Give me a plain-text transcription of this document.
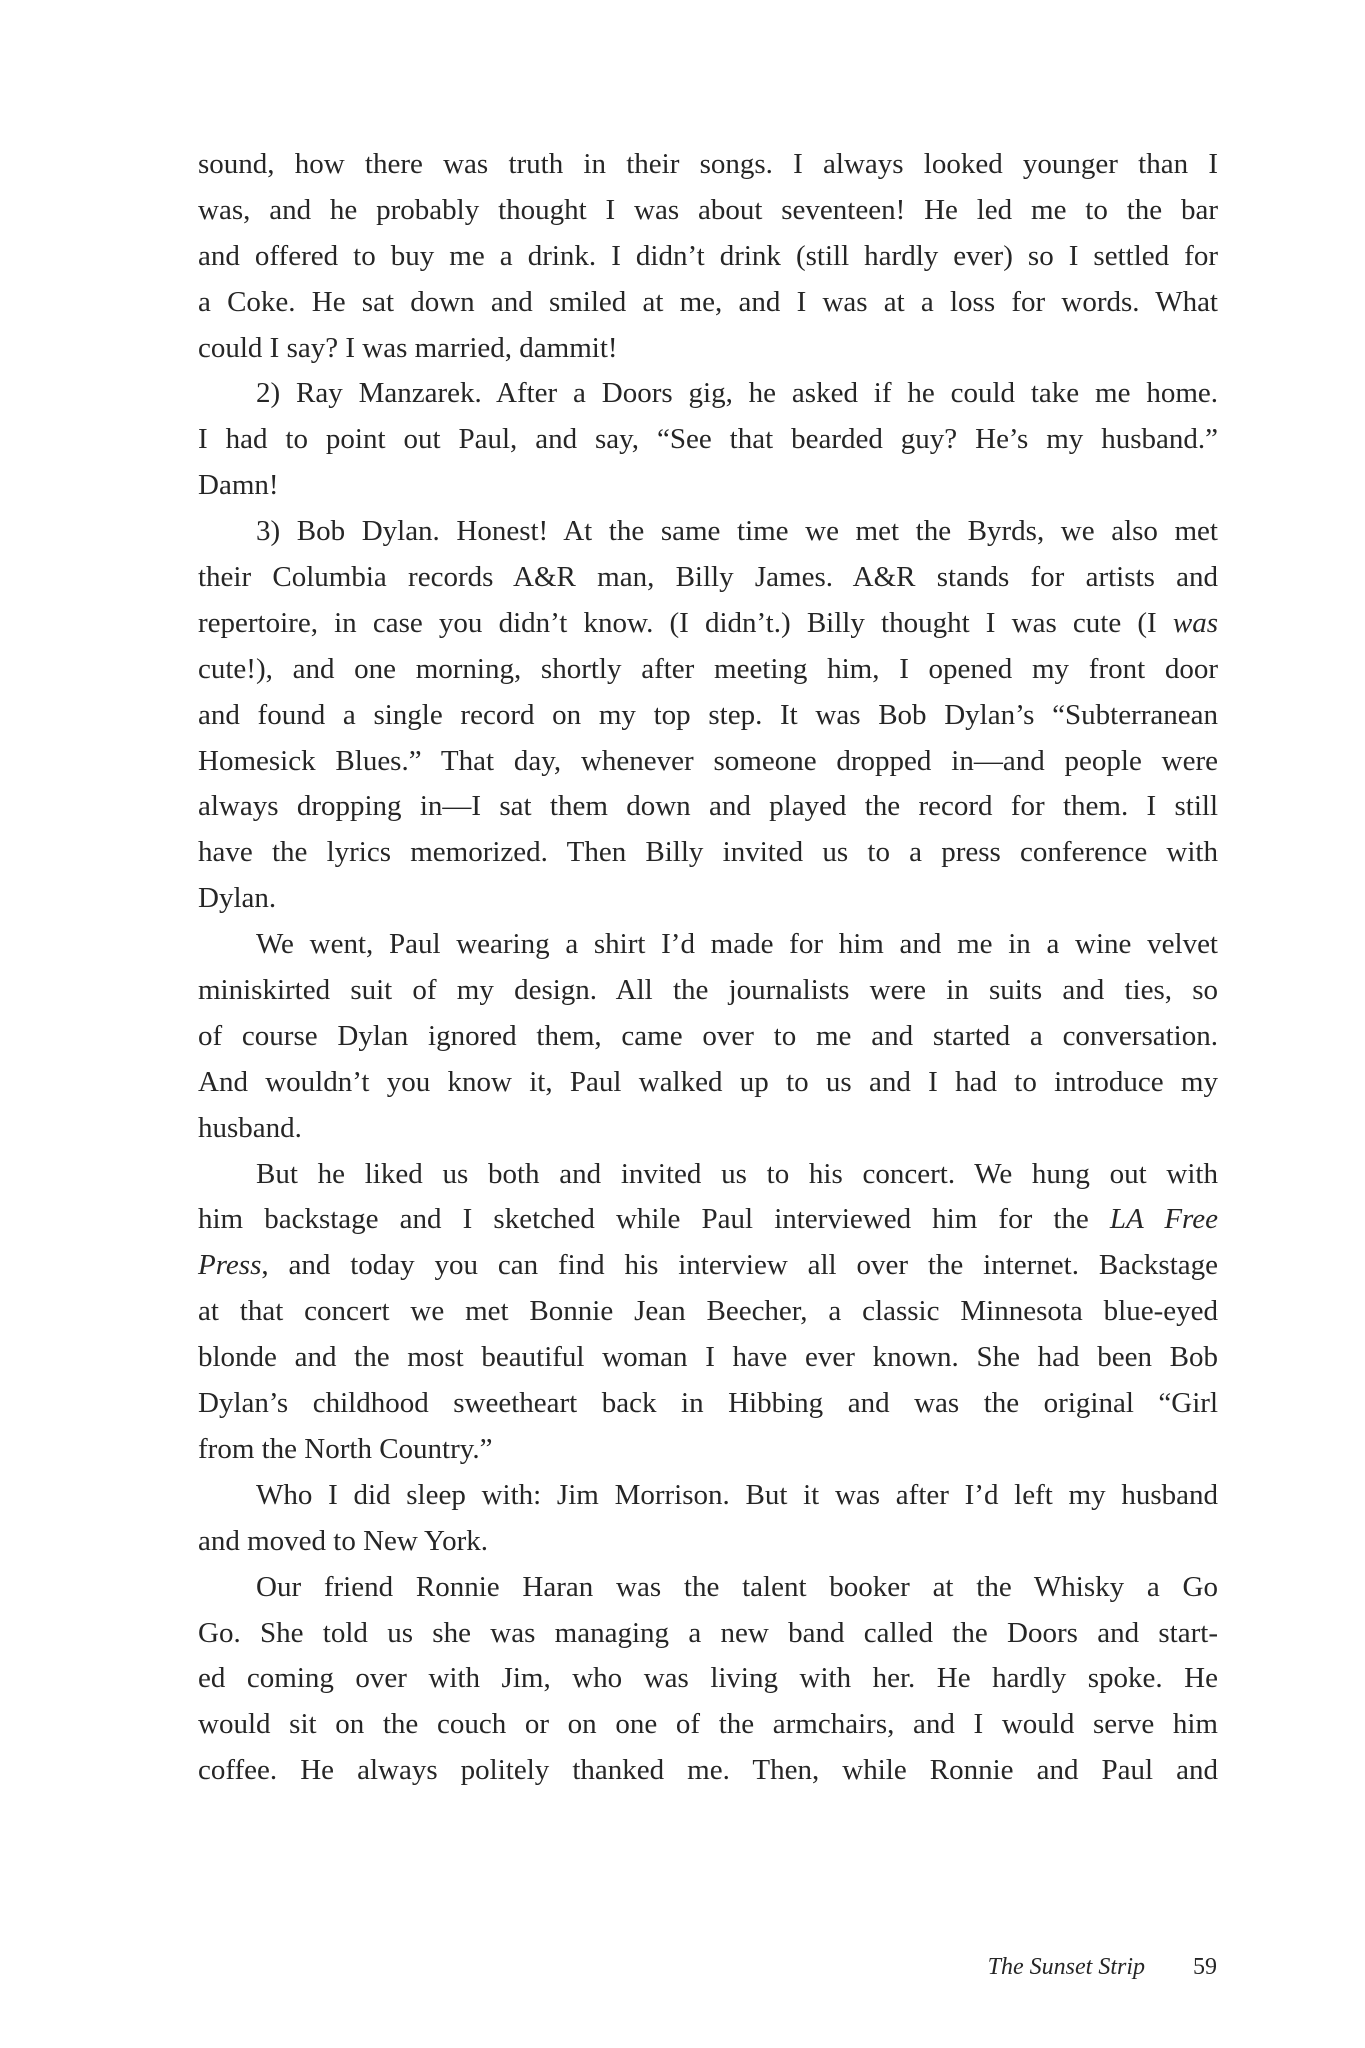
sound, how there was truth in their songs. I always looked younger than I
was, and he probably thought I was about seventeen! He led me to the bar
and offered to buy me a drink. I didn’t drink (still hardly ever) so I settled for
a Coke. He sat down and smiled at me, and I was at a loss for words. What
could I say? I was married, dammit!
2) Ray Manzarek. After a Doors gig, he asked if he could take me home.
I had to point out Paul, and say, “See that bearded guy? He’s my husband.”
Damn!
3) Bob Dylan. Honest! At the same time we met the Byrds, we also met
their Columbia records A&R man, Billy James. A&R stands for artists and
repertoire, in case you didn’t know. (I didn’t.) Billy thought I was cute (I was
cute!), and one morning, shortly after meeting him, I opened my front door
and found a single record on my top step. It was Bob Dylan’s “Subterranean
Homesick Blues.” That day, whenever someone dropped in—and people were
always dropping in—I sat them down and played the record for them. I still
have the lyrics memorized. Then Billy invited us to a press conference with
Dylan.
We went, Paul wearing a shirt I’d made for him and me in a wine velvet
miniskirted suit of my design. All the journalists were in suits and ties, so
of course Dylan ignored them, came over to me and started a conversation.
And wouldn’t you know it, Paul walked up to us and I had to introduce my
husband.
But he liked us both and invited us to his concert. We hung out with
him backstage and I sketched while Paul interviewed him for the LA Free
Press, and today you can find his interview all over the internet. Backstage
at that concert we met Bonnie Jean Beecher, a classic Minnesota blue-eyed
blonde and the most beautiful woman I have ever known. She had been Bob
Dylan’s childhood sweetheart back in Hibbing and was the original “Girl
from the North Country.”
Who I did sleep with: Jim Morrison. But it was after I’d left my husband
and moved to New York.
Our friend Ronnie Haran was the talent booker at the Whisky a Go
Go. She told us she was managing a new band called the Doors and start-
ed coming over with Jim, who was living with her. He hardly spoke. He
would sit on the couch or on one of the armchairs, and I would serve him
coffee. He always politely thanked me. Then, while Ronnie and Paul and
The Sunset Strip 59
